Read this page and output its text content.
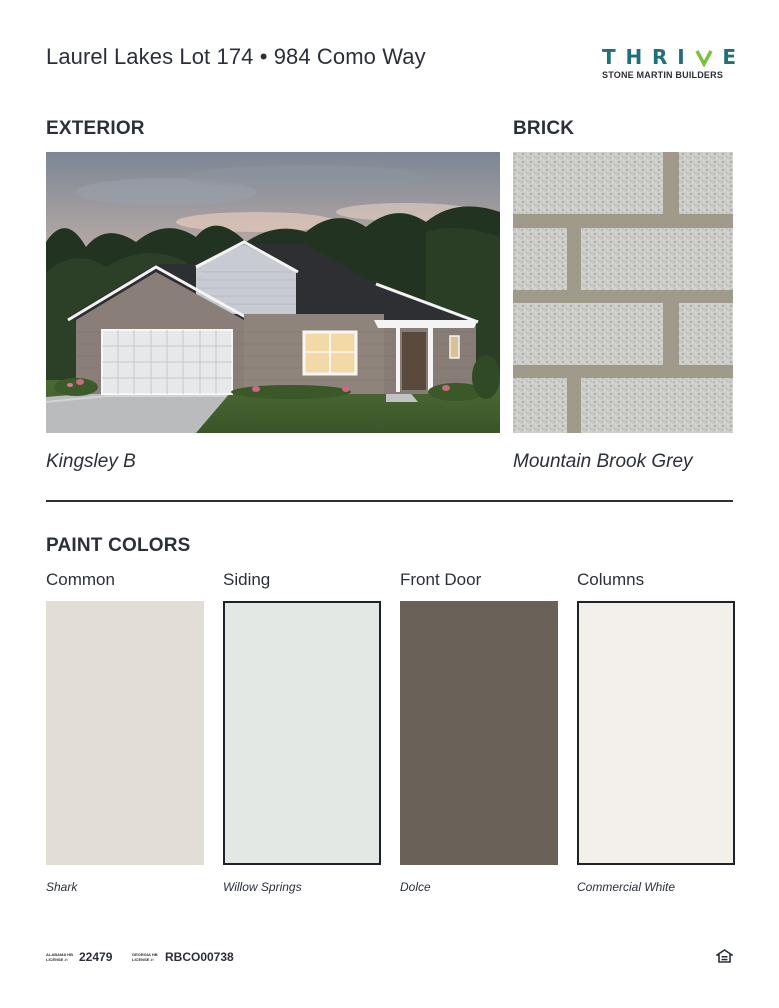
Laurel Lakes Lot 174 • 984 Como Way	T H R I E
STONE MARTIN BUILDERS
EXTERIOR	BRICK
Kingsley B	Mountain Brook Grey
PAINT COLORS
Common	Siding	Front Door	Columns
Shark	Willow Springs	Dolce	Commercial White
ALABAMA HB LICENSE #: 22479	GEORGIA HB LICENSE #: RBCO00738
